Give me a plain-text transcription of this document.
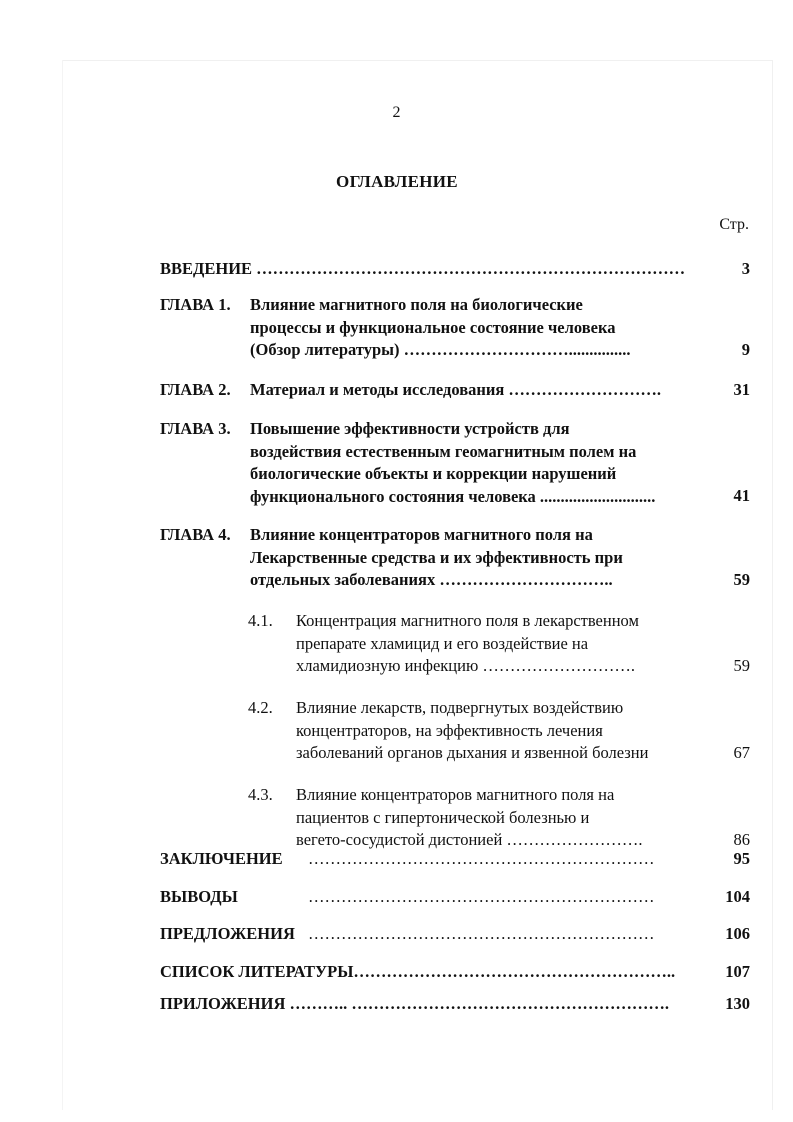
2
ОГЛАВЛЕНИЕ
Стр.
ВВЕДЕНИЕ ……………………………………………………………………	3
ГЛАВА 1. Влияние магнитного поля на биологические
процессы и функциональное состояние человека
(Обзор литературы) …………………………...............	9
ГЛАВА 2. Материал и методы исследования ……………………….	31
ГЛАВА 3. Повышение эффективности устройств для
воздействия естественным геомагнитным полем на
биологические объекты и коррекции нарушений
функционального состояния человека ............................	41
ГЛАВА 4. Влияние концентраторов магнитного поля на
Лекарственные средства и их эффективность при
отдельных заболеваниях …………………………..	59
4.1. Концентрация магнитного поля в лекарственном
препарате хламицид и его воздействие на
хламидиозную инфекцию ……………………….	59
4.2. Влияние лекарств, подвергнутых воздействию
концентраторов, на эффективность лечения
заболеваний органов дыхания и язвенной болезни	67
4.3. Влияние концентраторов магнитного поля на
пациентов с гипертонической болезнью и
вегето-сосудистой дистонией …………………….	86
ЗАКЛЮЧЕНИЕ ………………………………………………………	95
ВЫВОДЫ	………………………………………………………	104
ПРЕДЛОЖЕНИЯ ………………………………………………………	106
СПИСОК ЛИТЕРАТУРЫ…………………………………………………..	107
ПРИЛОЖЕНИЯ ……….. ………………………………………………….	130
